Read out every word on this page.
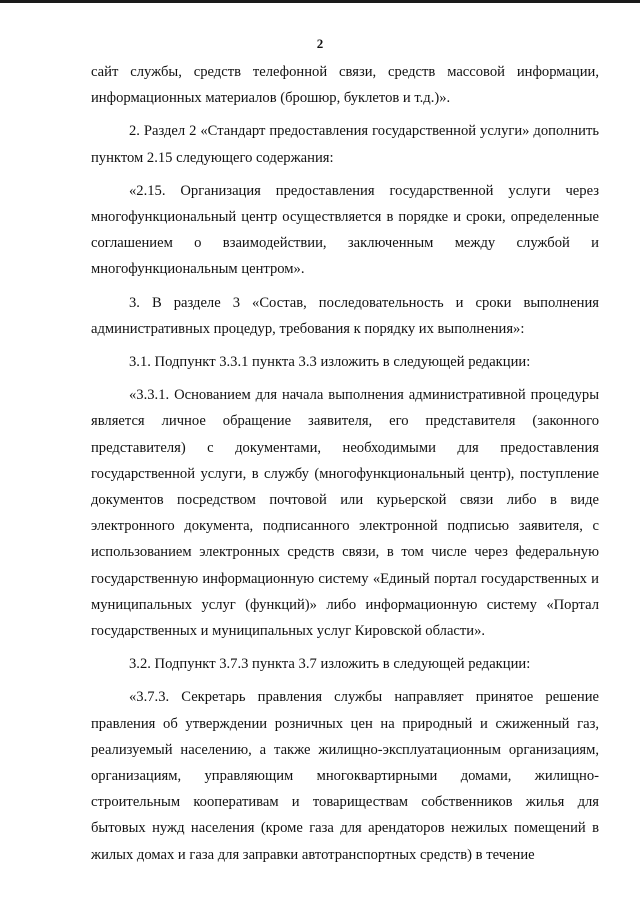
2

сайт службы, средств телефонной связи, средств массовой информации, информационных материалов (брошюр, буклетов и т.д.)».

2. Раздел 2 «Стандарт предоставления государственной услуги» дополнить пунктом 2.15 следующего содержания:

«2.15. Организация предоставления государственной услуги через многофункциональный центр осуществляется в порядке и сроки, определенные соглашением о взаимодействии, заключенным между службой и многофункциональным центром».

3. В разделе 3 «Состав, последовательность и сроки выполнения административных процедур, требования к порядку их выполнения»:

3.1. Подпункт 3.3.1 пункта 3.3 изложить в следующей редакции:

«3.3.1. Основанием для начала выполнения административной процедуры является личное обращение заявителя, его представителя (законного представителя) с документами, необходимыми для предоставления государственной услуги, в службу (многофункциональный центр), поступление документов посредством почтовой или курьерской связи либо в виде электронного документа, подписанного электронной подписью заявителя, с использованием электронных средств связи, в том числе через федеральную государственную информационную систему «Единый портал государственных и муниципальных услуг (функций)» либо информационную систему «Портал государственных и муниципальных услуг Кировской области».

3.2. Подпункт 3.7.3 пункта 3.7 изложить в следующей редакции:

«3.7.3. Секретарь правления службы направляет принятое решение правления об утверждении розничных цен на природный и сжиженный газ, реализуемый населению, а также жилищно-эксплуатационным организациям, организациям, управляющим многоквартирными домами, жилищно-строительным кооперативам и товариществам собственников жилья для бытовых нужд населения (кроме газа для арендаторов нежилых помещений в жилых домах и газа для заправки автотранспортных средств) в течение
